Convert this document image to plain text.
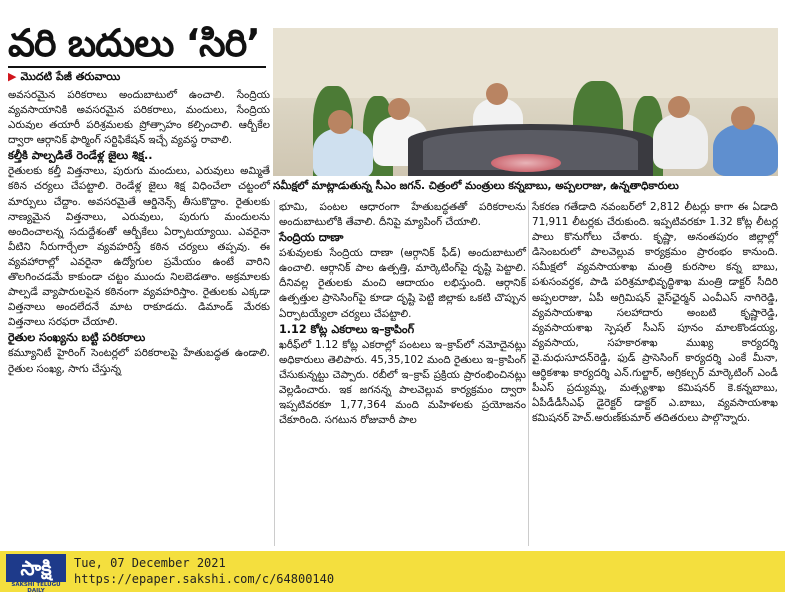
వరి బదులు ‘సిరి’
▶ మొదటి పేజీ తరువాయి

అవసరమైన పరికరాలు అందుబాటులో ఉంచాలి. సేంద్రియ వ్యవసాయానికి అవసరమైన పరికరాలు, మందులు, సేంద్రియ ఎరువుల తయారీ పరిశ్రమలకు ప్రోత్సాహం కల్పించాలి. ఆర్బీకేల ద్వారా ఆర్గానిక్ ఫార్మింగ్ సర్టిఫికేషన్ ఇచ్చే వ్యవస్థ రావాలి.

కల్తీకి పాల్పడితే రెండేళ్ల జైలు శిక్ష..

రైతులకు కల్తీ విత్తనాలు, పురుగు మందులు, ఎరువులు అమ్మితే కఠిన చర్యలు చేపట్టాలి. రెండేళ్ల జైలు శిక్ష విధించేలా చట్టంలో మార్పులు చేద్దాం. అవసరమైతే ఆర్డినెన్స్ తీసుకొద్దాం. రైతులకు నాణ్యమైన విత్తనాలు, ఎరువులు, పురుగు మందులను అందించాలన్న సదుద్దేశంతో ఆర్బీకేలు ఏర్పాటయ్యాయి. ఎవరైనా వీటిని నీరుగార్చేలా వ్యవహరిస్తే కఠిన చర్యలు తప్పవు. ఈ వ్యవహారాల్లో ఎవరైనా ఉద్యోగుల ప్రమేయం ఉంటే వారిని తొలగించడమే కాకుండా చట్టం ముందు నిలబెడతాం. అక్రమాలకు పాల్పడే వ్యాపారులపైన కఠినంగా వ్యవహరిస్తాం. రైతులకు ఎక్కడా విత్తనాలు అందలేదనే మాట రాకూడదు. డిమాండ్ మేరకు విత్తనాలు సరఫరా చేయాలి.

రైతుల సంఖ్యను బట్టి పరికరాలు

కమ్యూనిటీ హైరింగ్ సెంటర్లలో పరికరాలపై హేతుబద్ధత ఉండాలి. రైతుల సంఖ్య, సాగు చేస్తున్న

సమీక్షలో మాట్లాడుతున్న సీఎం జగన్. చిత్రంలో మంత్రులు కన్నబాబు, అప్పలరాజు, ఉన్నతాధికారులు

భూమి, పంటల ఆధారంగా హేతుబద్ధతతో పరికరాలను అందుబాటులోకి తేవాలి. దీనిపై మ్యాపింగ్ చేయాలి.

సేంద్రియ దాణా

పశువులకు సేంద్రియ దాణా (ఆర్గానిక్ ఫీడ్) అందుబాటులో ఉంచాలి. ఆర్గానిక్ పాల ఉత్పత్తి, మార్కెటింగ్‌పై దృష్టి పెట్టాలి. దీనివల్ల రైతులకు మంచి ఆదాయం లభిస్తుంది. ఆర్గానిక్ ఉత్పత్తుల ప్రాసెసింగ్‌పై కూడా దృష్టి పెట్టి జిల్లాకు ఒకటి చొప్పున ఏర్పాటయ్యేలా చర్యలు చేపట్టాలి.

1.12 కోట్ల ఎకరాలు ఇ–క్రాపింగ్

ఖరీఫ్‌లో 1.12 కోట్ల ఎకరాల్లో పంటలు ఇ–క్రాప్‌లో నమోదైనట్లు అధికారులు తెలిపారు. 45,35,102 మంది రైతులు ఇ–క్రాపింగ్ చేసుకున్నట్టు చెప్పారు. రబీలో ఇ–క్రాప్ ప్రక్రియ ప్రారంభించినట్లు వెల్లడించారు. ఇక జగనన్న పాలవెల్లువ కార్యక్రమం ద్వారా ఇప్పటివరకూ 1,77,364 మంది మహిళలకు ప్రయోజనం చేకూరింది. సగటున రోజువారీ పాల

సేకరణ గతేడాది నవంబర్‌లో 2,812 లీటర్లు కాగా ఈ ఏడాది 71,911 లీటర్లకు చేరుకుంది. ఇప్పటివరకూ 1.32 కోట్ల లీటర్ల పాలు కొనుగోలు చేశారు. కృష్ణా, అనంతపురం జిల్లాల్లో డిసెంబరులో పాలవెల్లువ కార్యక్రమం ప్రారంభం కానుంది. సమీక్షలో వ్యవసాయశాఖ మంత్రి కురసాల కన్న బాబు, పశుసంవర్ధక, పాడి పరిశ్రమాభివృద్ధిశాఖ మంత్రి డాక్టర్ సీదిరి అప్పలరాజు, ఏపీ అగ్రిమిషన్ వైస్‌ఛైర్మన్ ఎంవీఎస్ నాగిరెడ్డి, వ్యవసాయశాఖ సలహాదారు అంబటి కృష్ణారెడ్డి, వ్యవసాయశాఖ స్పెషల్ సీఎస్ పూనం మాలకొండయ్య, వ్యవసాయ, సహకారశాఖ ముఖ్య కార్యదర్శి వై.మధుసూదన్‌రెడ్డి, ఫుడ్ ప్రాసెసింగ్ కార్యదర్శి ఎంకే మీనా, ఆర్థికశాఖ కార్యదర్శి ఎన్.గుల్జార్, అగ్రికల్చర్ మార్కెటింగ్ ఎండీ పీఎస్ ప్రద్యుమ్న, మత్స్యశాఖ కమిషనర్ కె.కన్నబాబు, ఏపీడీడీసీఎఫ్ డైరెక్టర్ డాక్టర్ ఎ.బాబు, వ్యవసాయశాఖ కమిషనర్ హెచ్.అరుణ్‌కుమార్ తదితరులు పాల్గొన్నారు.

సాక్షి
SAKSHI TELUGU DAILY
Tue, 07 December 2021
https://epaper.sakshi.com/c/64800140
